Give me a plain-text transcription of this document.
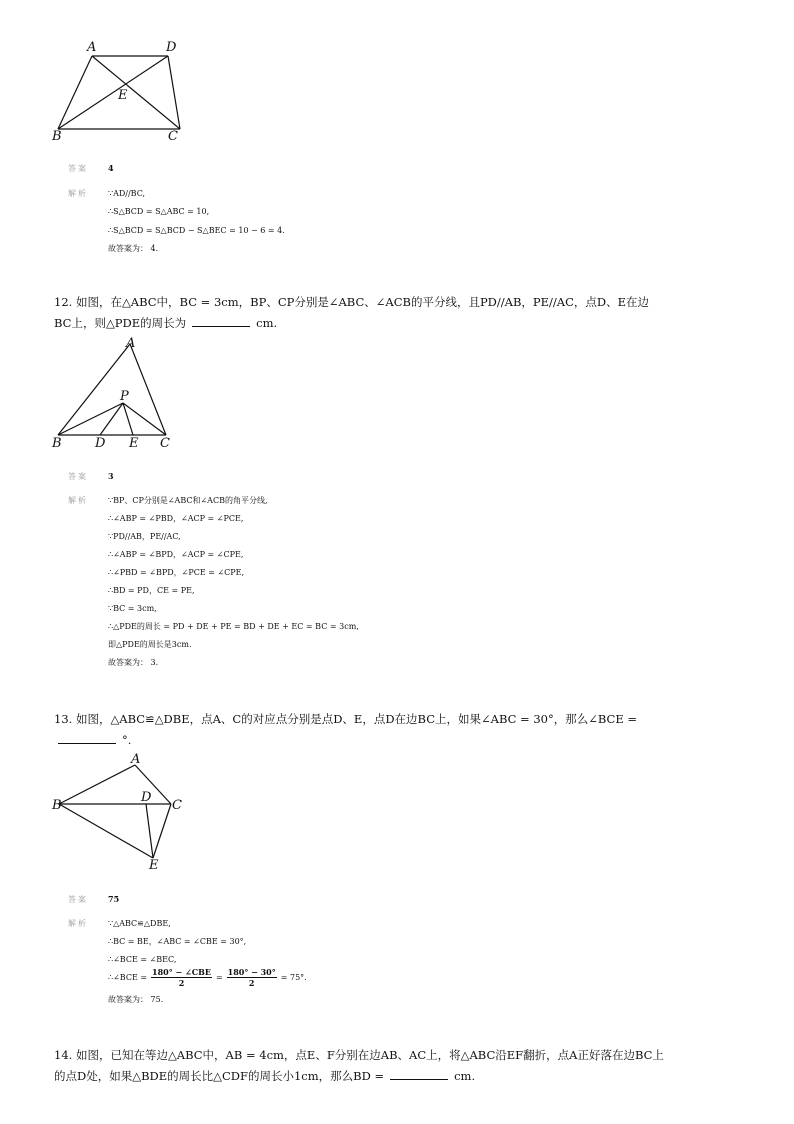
A	D
E
B	C
答案	4
解析	∵AD//BC,
∴S△BCD = S△ABC = 10,
∴S△BCD = S△BCD − S△BEC = 10 − 6 = 4.
故答案为： 4.

12. 如图，在△ABC中，BC = 3cm，BP、CP分别是∠ABC、∠ACB的平分线，且PD//AB，PE//AC，点D、E在边

BC上，则△PDE的周长为	cm.

A
P
B	D E C
答案	3
解析	∵BP、CP分别是∠ABC和∠ACB的角平分线,
∴∠ABP = ∠PBD，∠ACP = ∠PCE,
∵PD//AB，PE//AC,
∴∠ABP = ∠BPD，∠ACP = ∠CPE,
∴∠PBD = ∠BPD，∠PCE = ∠CPE,
∴BD = PD，CE = PE,
∵BC = 3cm,
∴△PDE的周长 = PD + DE + PE = BD + DE + EC = BC = 3cm,
即△PDE的周长是3cm.
故答案为： 3.

13. 如图，△ABC≌△DBE，点A、C的对应点分别是点D、E，点D在边BC上，如果∠ABC = 30°，那么∠BCE =

°.

A
B
D
C
E
答案	75
解析	∵△ABC≌△DBE,
∴BC = BE，∠ABC = ∠CBE = 30°,
∴∠BCE = ∠BEC,
∴∠BCE =
180° − ∠CBE
2
= $\frac{180^\circ - 30^\circ}{2} = 75^\circ$.
故答案为： 75.

14. 如图，已知在等边△ABC中，AB = 4cm，点E、F分别在边AB、AC上，将△ABC沿EF翻折，点A正好落在边BC上

的点D处，如果△BDE的周长比△CDF的周长小1cm，那么BD =	cm.
